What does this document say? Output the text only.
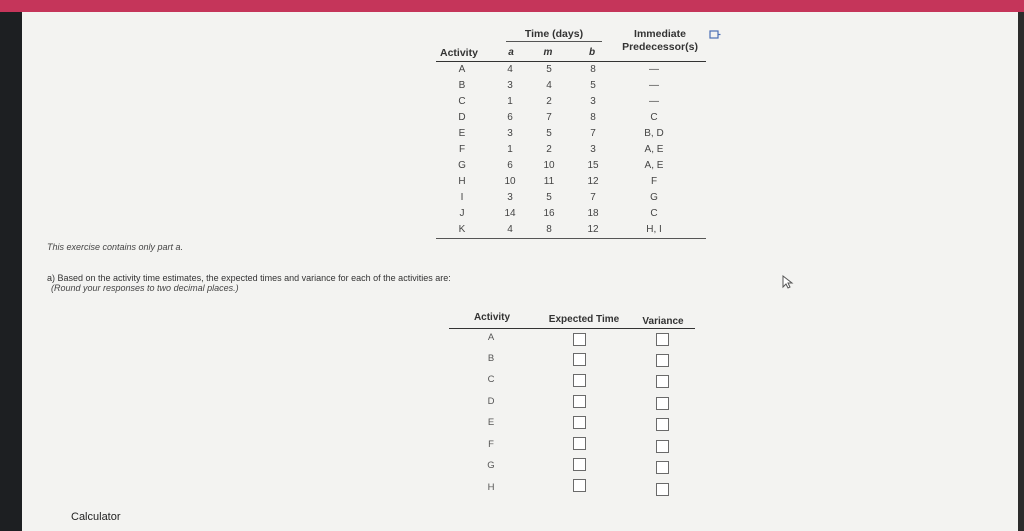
Time (days)	Immediate Predecessor(s)
Activity	a	m	b
A	4	5	8	—
B	3	4	5	—
C	1	2	3	—
D	6	7	8	C
E	3	5	7	B, D
F	1	2	3	A, E
G	6	10	15	A, E
H	10	11	12	F
I	3	5	7	G
J	14	16	18	C
K	4	8	12	H, I
This exercise contains only part a.
a) Based on the activity time estimates, the expected times and variance for each of the activities are:
(Round your responses to two decimal places.)
Activity	Expected Time	Variance
A
B
C
D
E
F
G
H
Calculator
